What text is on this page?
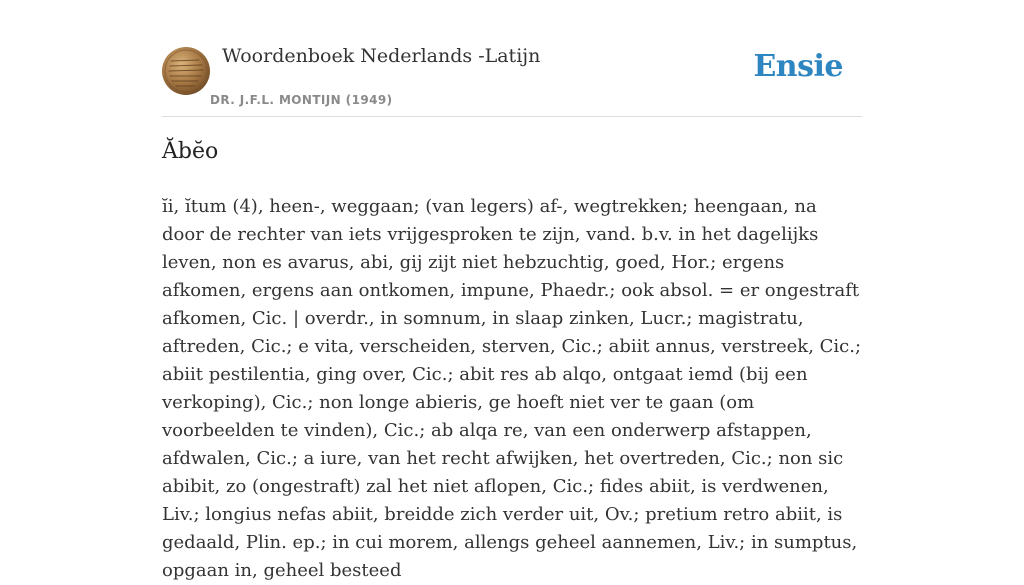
Woordenboek Nederlands -Latijn
DR. J.F.L. MONTIJN (1949)
Ensie
Ăbĕo

ĭi, ĭtum (4), heen-, weggaan; (van legers) af-, wegtrekken; heengaan, na door de rechter van iets vrijgesproken te zijn, vand. b.v. in het dagelijks leven, non es avarus, abi, gij zijt niet hebzuchtig, goed, Hor.; ergens afkomen, ergens aan ontkomen, impune, Phaedr.; ook absol. = er ongestraft afkomen, Cic. | overdr., in somnum, in slaap zinken, Lucr.; magistratu, aftreden, Cic.; e vita, verscheiden, sterven, Cic.; abiit annus, verstreek, Cic.; abiit pestilentia, ging over, Cic.; abit res ab alqo, ontgaat iemd (bij een verkoping), Cic.; non longe abieris, ge hoeft niet ver te gaan (om voorbeelden te vinden), Cic.; ab alqa re, van een onderwerp afstappen, afdwalen, Cic.; a iure, van het recht afwijken, het overtreden, Cic.; non sic abibit, zo (ongestraft) zal het niet aflopen, Cic.; fides abiit, is verdwenen, Liv.; longius nefas abiit, breidde zich verder uit, Ov.; pretium retro abiit, is gedaald, Plin. ep.; in cui morem, allengs geheel aannemen, Liv.; in sumptus, opgaan in, geheel besteed
